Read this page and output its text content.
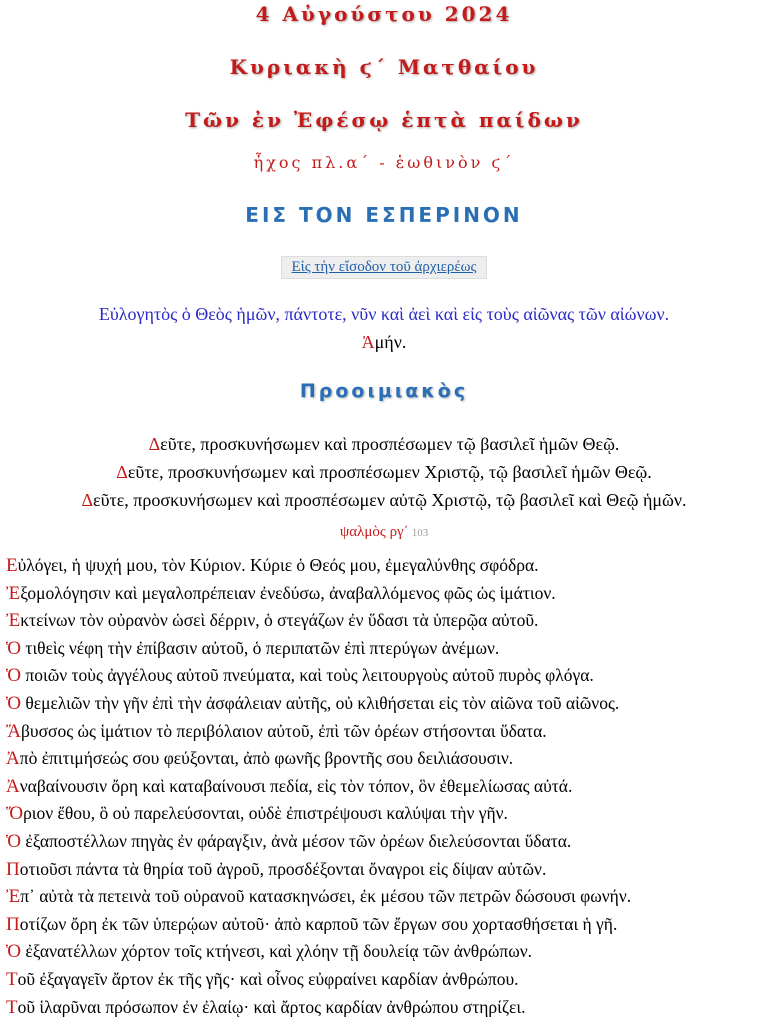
4 Αὐγούστου 2024
Κυριακὴ ϛ΄ Ματθαίου
Τῶν ἐν Ἐφέσῳ ἑπτὰ παίδων
ἦχος πλ.α΄ - ἑωθινὸν ϛ΄
ΕΙΣ ΤΟΝ ΕΣΠΕΡΙΝΟΝ
Εἰς τὴν εἴσοδον τοῦ ἀρχιερέως
Εὐλογητὸς ὁ Θεὸς ἡμῶν, πάντοτε, νῦν καὶ ἀεὶ καὶ εἰς τοὺς αἰῶνας τῶν αἰώνων.
Ἀμήν.
Προοιμιακὸς
Δεῦτε, προσκυνήσωμεν καὶ προσπέσωμεν τῷ βασιλεῖ ἡμῶν Θεῷ.
Δεῦτε, προσκυνήσωμεν καὶ προσπέσωμεν Χριστῷ, τῷ βασιλεῖ ἡμῶν Θεῷ.
Δεῦτε, προσκυνήσωμεν καὶ προσπέσωμεν αὐτῷ Χριστῷ, τῷ βασιλεῖ καὶ Θεῷ ἡμῶν.
ψαλμὸς ργ΄ 103
Εὐλόγει, ἡ ψυχή μου, τὸν Κύριον. Κύριε ὁ Θεός μου, ἐμεγαλύνθης σφόδρα.
Ἐξομολόγησιν καὶ μεγαλοπρέπειαν ἐνεδύσω, ἀναβαλλόμενος φῶς ὡς ἱμάτιον.
Ἐκτείνων τὸν οὐρανὸν ὡσεὶ δέρριν, ὁ στεγάζων ἐν ὕδασι τὰ ὑπερῷα αὐτοῦ.
Ὁ τιθεὶς νέφη τὴν ἐπίβασιν αὐτοῦ, ὁ περιπατῶν ἐπὶ πτερύγων ἀνέμων.
Ὁ ποιῶν τοὺς ἀγγέλους αὐτοῦ πνεύματα, καὶ τοὺς λειτουργοὺς αὐτοῦ πυρὸς φλόγα.
Ὁ θεμελιῶν τὴν γῆν ἐπὶ τὴν ἀσφάλειαν αὐτῆς, οὐ κλιθήσεται εἰς τὸν αἰῶνα τοῦ αἰῶνος.
Ἄβυσσος ὡς ἱμάτιον τὸ περιβόλαιον αὐτοῦ, ἐπὶ τῶν ὀρέων στήσονται ὕδατα.
Ἀπὸ ἐπιτιμήσεώς σου φεύξονται, ἀπὸ φωνῆς βροντῆς σου δειλιάσουσιν.
Ἀναβαίνουσιν ὄρη καὶ καταβαίνουσι πεδία, εἰς τὸν τόπον, ὃν ἐθεμελίωσας αὐτά.
Ὅριον ἔθου, ὃ οὐ παρελεύσονται, οὐδὲ ἐπιστρέψουσι καλύψαι τὴν γῆν.
Ὁ ἐξαποστέλλων πηγὰς ἐν φάραγξιν, ἀνὰ μέσον τῶν ὀρέων διελεύσονται ὕδατα.
Ποτιοῦσι πάντα τὰ θηρία τοῦ ἀγροῦ, προσδέξονται ὄναγροι εἰς δίψαν αὐτῶν.
Ἐπ᾿ αὐτὰ τὰ πετεινὰ τοῦ οὐρανοῦ κατασκηνώσει, ἐκ μέσου τῶν πετρῶν δώσουσι φωνήν.
Ποτίζων ὄρη ἐκ τῶν ὑπερῴων αὐτοῦ· ἀπὸ καρποῦ τῶν ἔργων σου χορτασθήσεται ἡ γῆ.
Ὁ ἐξανατέλλων χόρτον τοῖς κτήνεσι, καὶ χλόην τῇ δουλείᾳ τῶν ἀνθρώπων.
Τοῦ ἐξαγαγεῖν ἄρτον ἐκ τῆς γῆς· καὶ οἶνος εὐφραίνει καρδίαν ἀνθρώπου.
Τοῦ ἱλαρῦναι πρόσωπον ἐν ἐλαίῳ· καὶ ἄρτος καρδίαν ἀνθρώπου στηρίζει.
